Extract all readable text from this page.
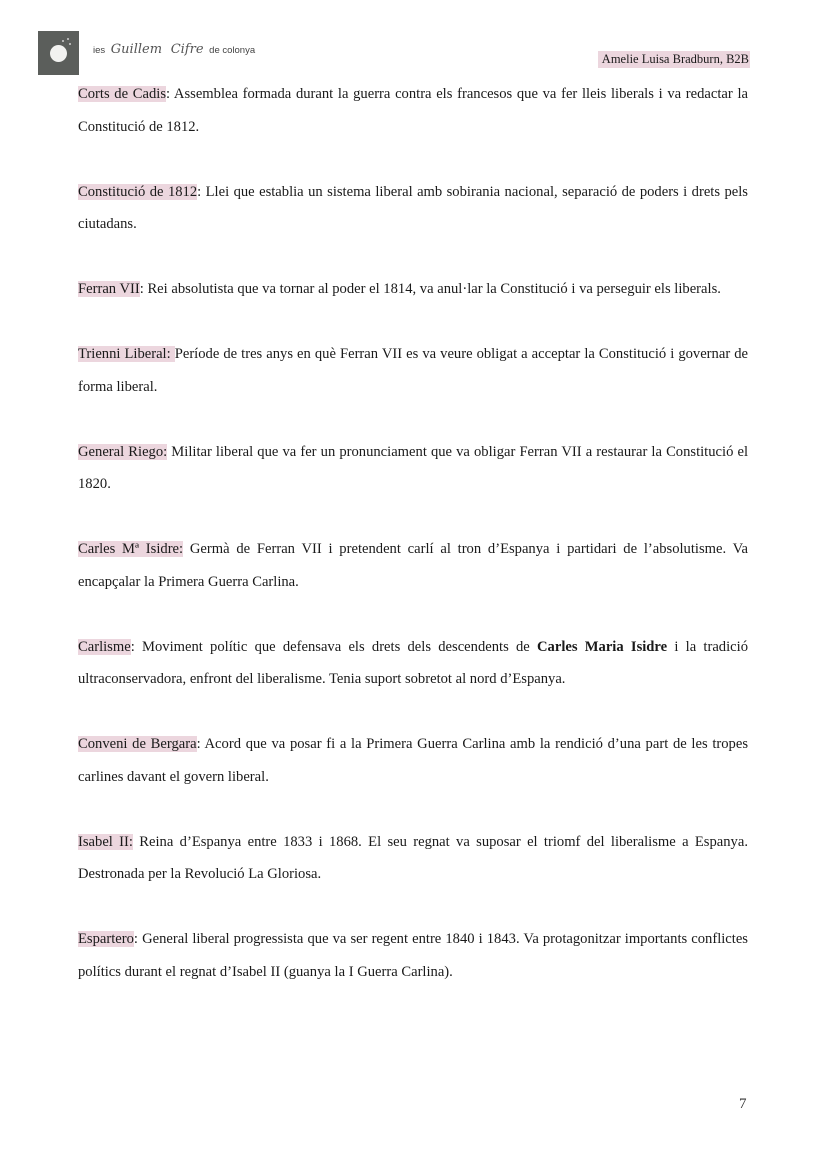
ies Guillem Cifre de colonya
Amelie Luisa Bradburn, B2B

Corts de Cadis: Assemblea formada durant la guerra contra els francesos que va fer lleis liberals i va redactar la Constitució de 1812.

Constitució de 1812: Llei que establia un sistema liberal amb sobirania nacional, separació de poders i drets pels ciutadans.

Ferran VII: Rei absolutista que va tornar al poder el 1814, va anul·lar la Constitució i va perseguir els liberals.

Trienni Liberal: Període de tres anys en què Ferran VII es va veure obligat a acceptar la Constitució i governar de forma liberal.

General Riego: Militar liberal que va fer un pronunciament que va obligar Ferran VII a restaurar la Constitució el 1820.

Carles Mª Isidre: Germà de Ferran VII i pretendent carlí al tron d’Espanya i partidari de l’absolutisme. Va encapçalar la Primera Guerra Carlina.

Carlisme: Moviment polític que defensava els drets dels descendents de Carles Maria Isidre i la tradició ultraconservadora, enfront del liberalisme. Tenia suport sobretot al nord d’Espanya.

Conveni de Bergara: Acord que va posar fi a la Primera Guerra Carlina amb la rendició d’una part de les tropes carlines davant el govern liberal.

Isabel II: Reina d’Espanya entre 1833 i 1868. El seu regnat va suposar el triomf del liberalisme a Espanya. Destronada per la Revolució La Gloriosa.

Espartero: General liberal progressista que va ser regent entre 1840 i 1843. Va protagonitzar importants conflictes polítics durant el regnat d’Isabel II (guanya la I Guerra Carlina).

7
